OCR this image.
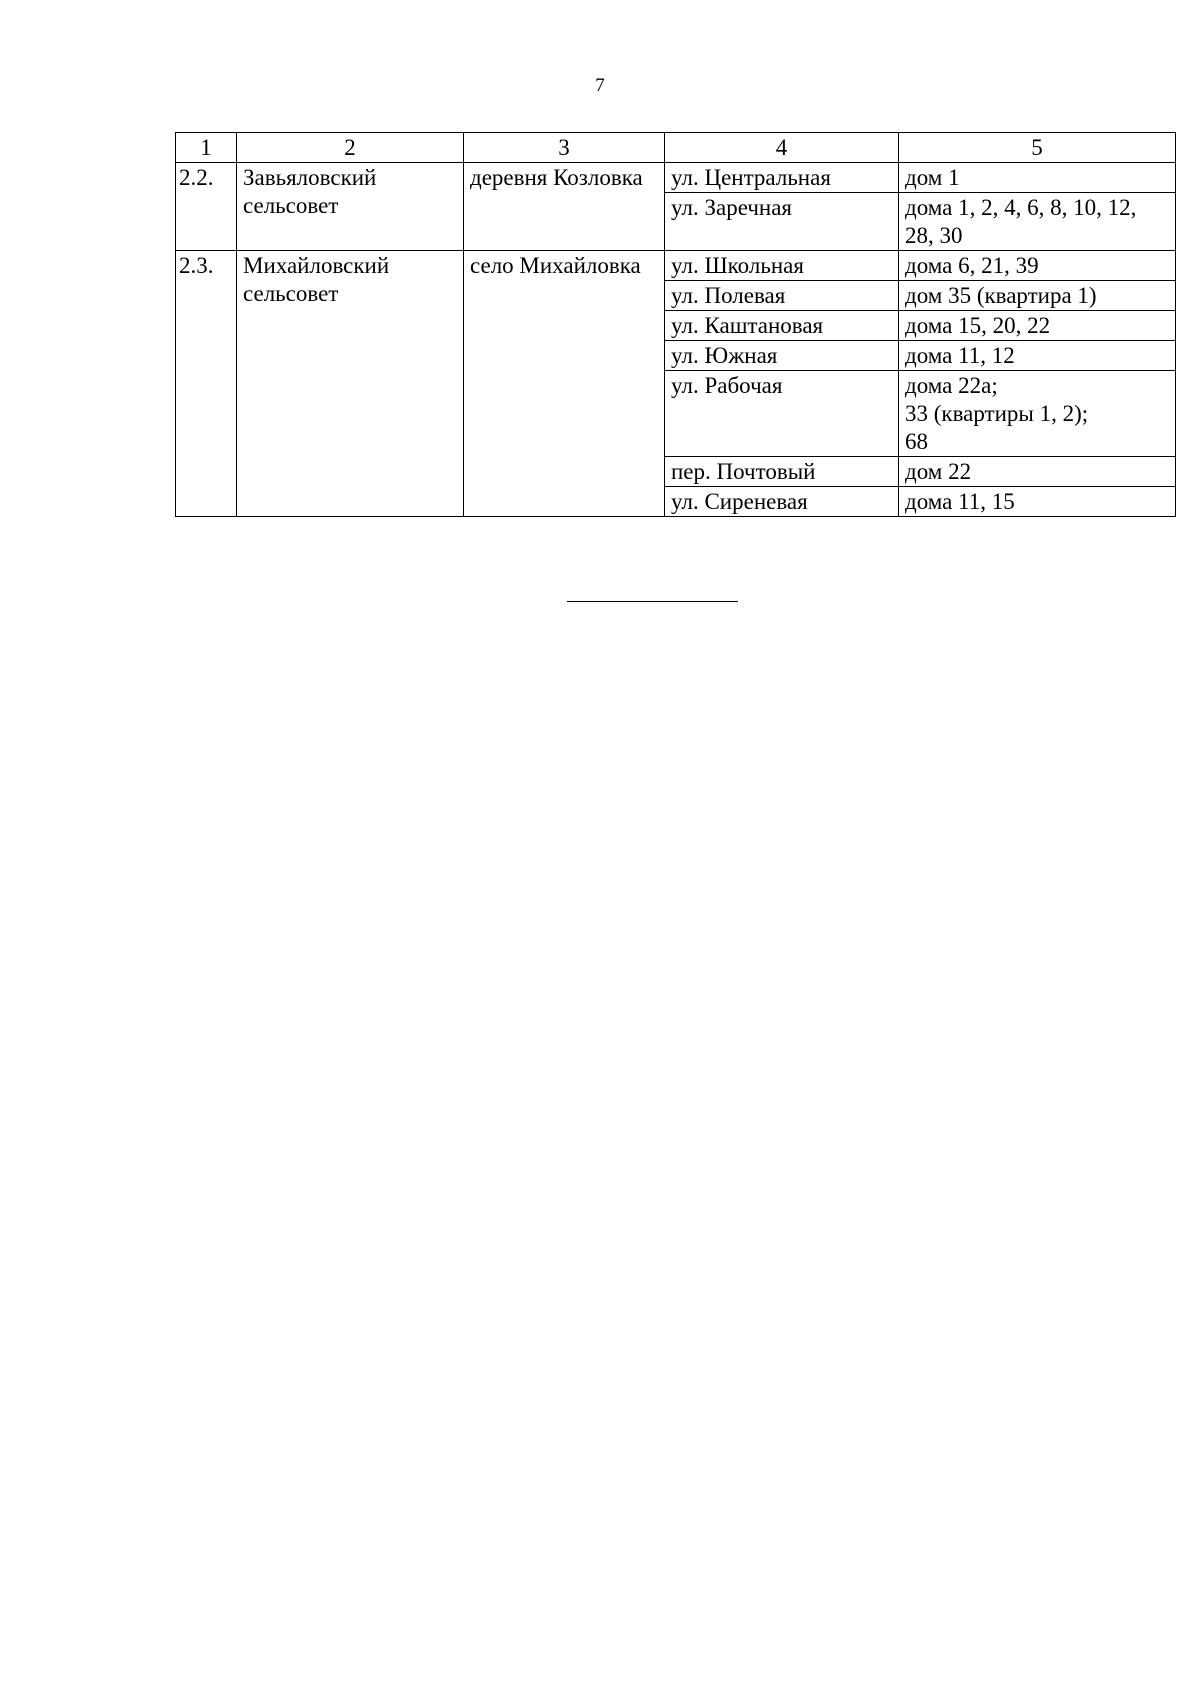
7
1	2	3	4	5
2.2.	Завьяловский сельсовет	деревня Козловка	ул. Центральная	дом 1
			ул. Заречная	дома 1, 2, 4, 6, 8, 10, 12, 28, 30
2.3.	Михайловский сельсовет	село Михайловка	ул. Школьная	дома 6, 21, 39
			ул. Полевая	дом 35 (квартира 1)
			ул. Каштановая	дома 15, 20, 22
			ул. Южная	дома 11, 12
			ул. Рабочая	дома 22а;
33 (квартиры 1, 2);
68
			пер. Почтовый	дом 22
			ул. Сиреневая	дома 11, 15
